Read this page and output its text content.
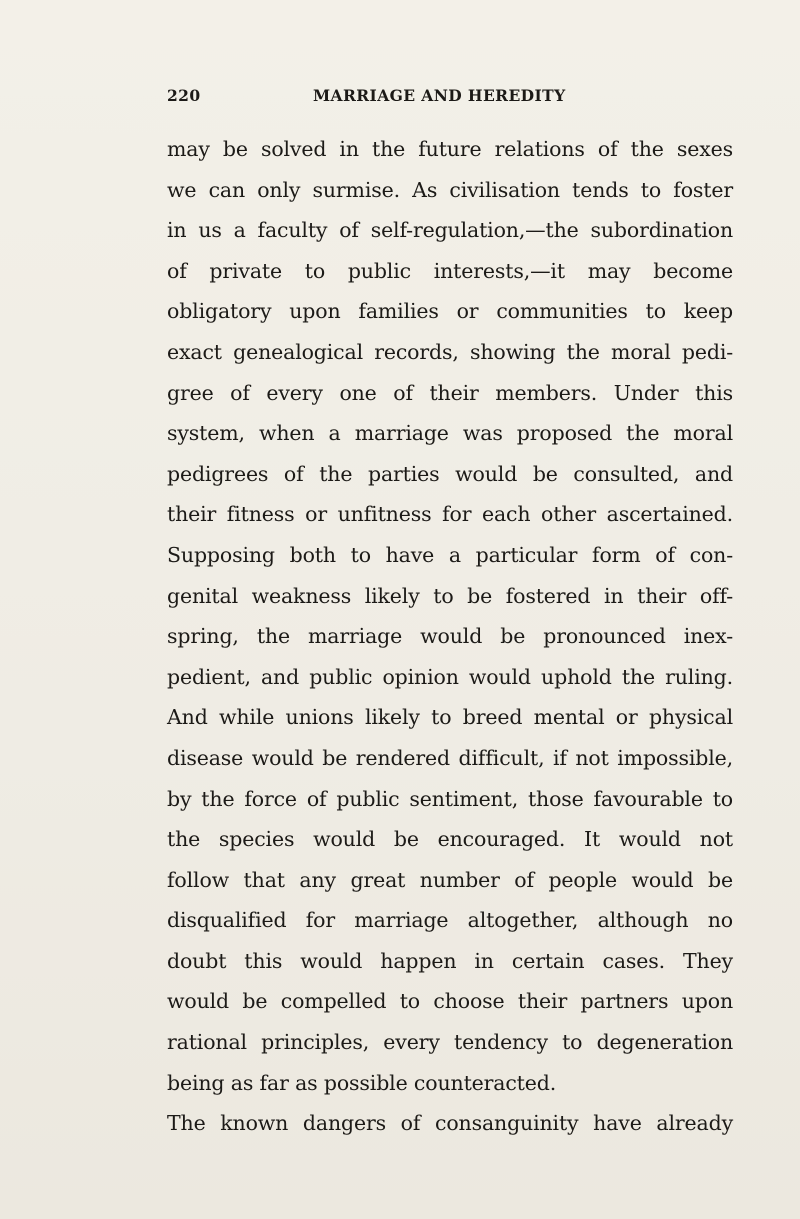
220	MARRIAGE AND HEREDITY
may be solved in the future relations of the sexes
we can only surmise. As civilisation tends to foster
in us a faculty of self-regulation,—the subordination
of private to public interests,—it may become
obligatory upon families or communities to keep
exact genealogical records, showing the moral pedi-
gree of every one of their members. Under this
system, when a marriage was proposed the moral
pedigrees of the parties would be consulted, and
their fitness or unfitness for each other ascertained.
Supposing both to have a particular form of con-
genital weakness likely to be fostered in their off-
spring, the marriage would be pronounced inex-
pedient, and public opinion would uphold the ruling.
And while unions likely to breed mental or physical
disease would be rendered difficult, if not impossible,
by the force of public sentiment, those favourable to
the species would be encouraged. It would not
follow that any great number of people would be
disqualified for marriage altogether, although no
doubt this would happen in certain cases. They
would be compelled to choose their partners upon
rational principles, every tendency to degeneration
being as far as possible counteracted.
The known dangers of consanguinity have already
